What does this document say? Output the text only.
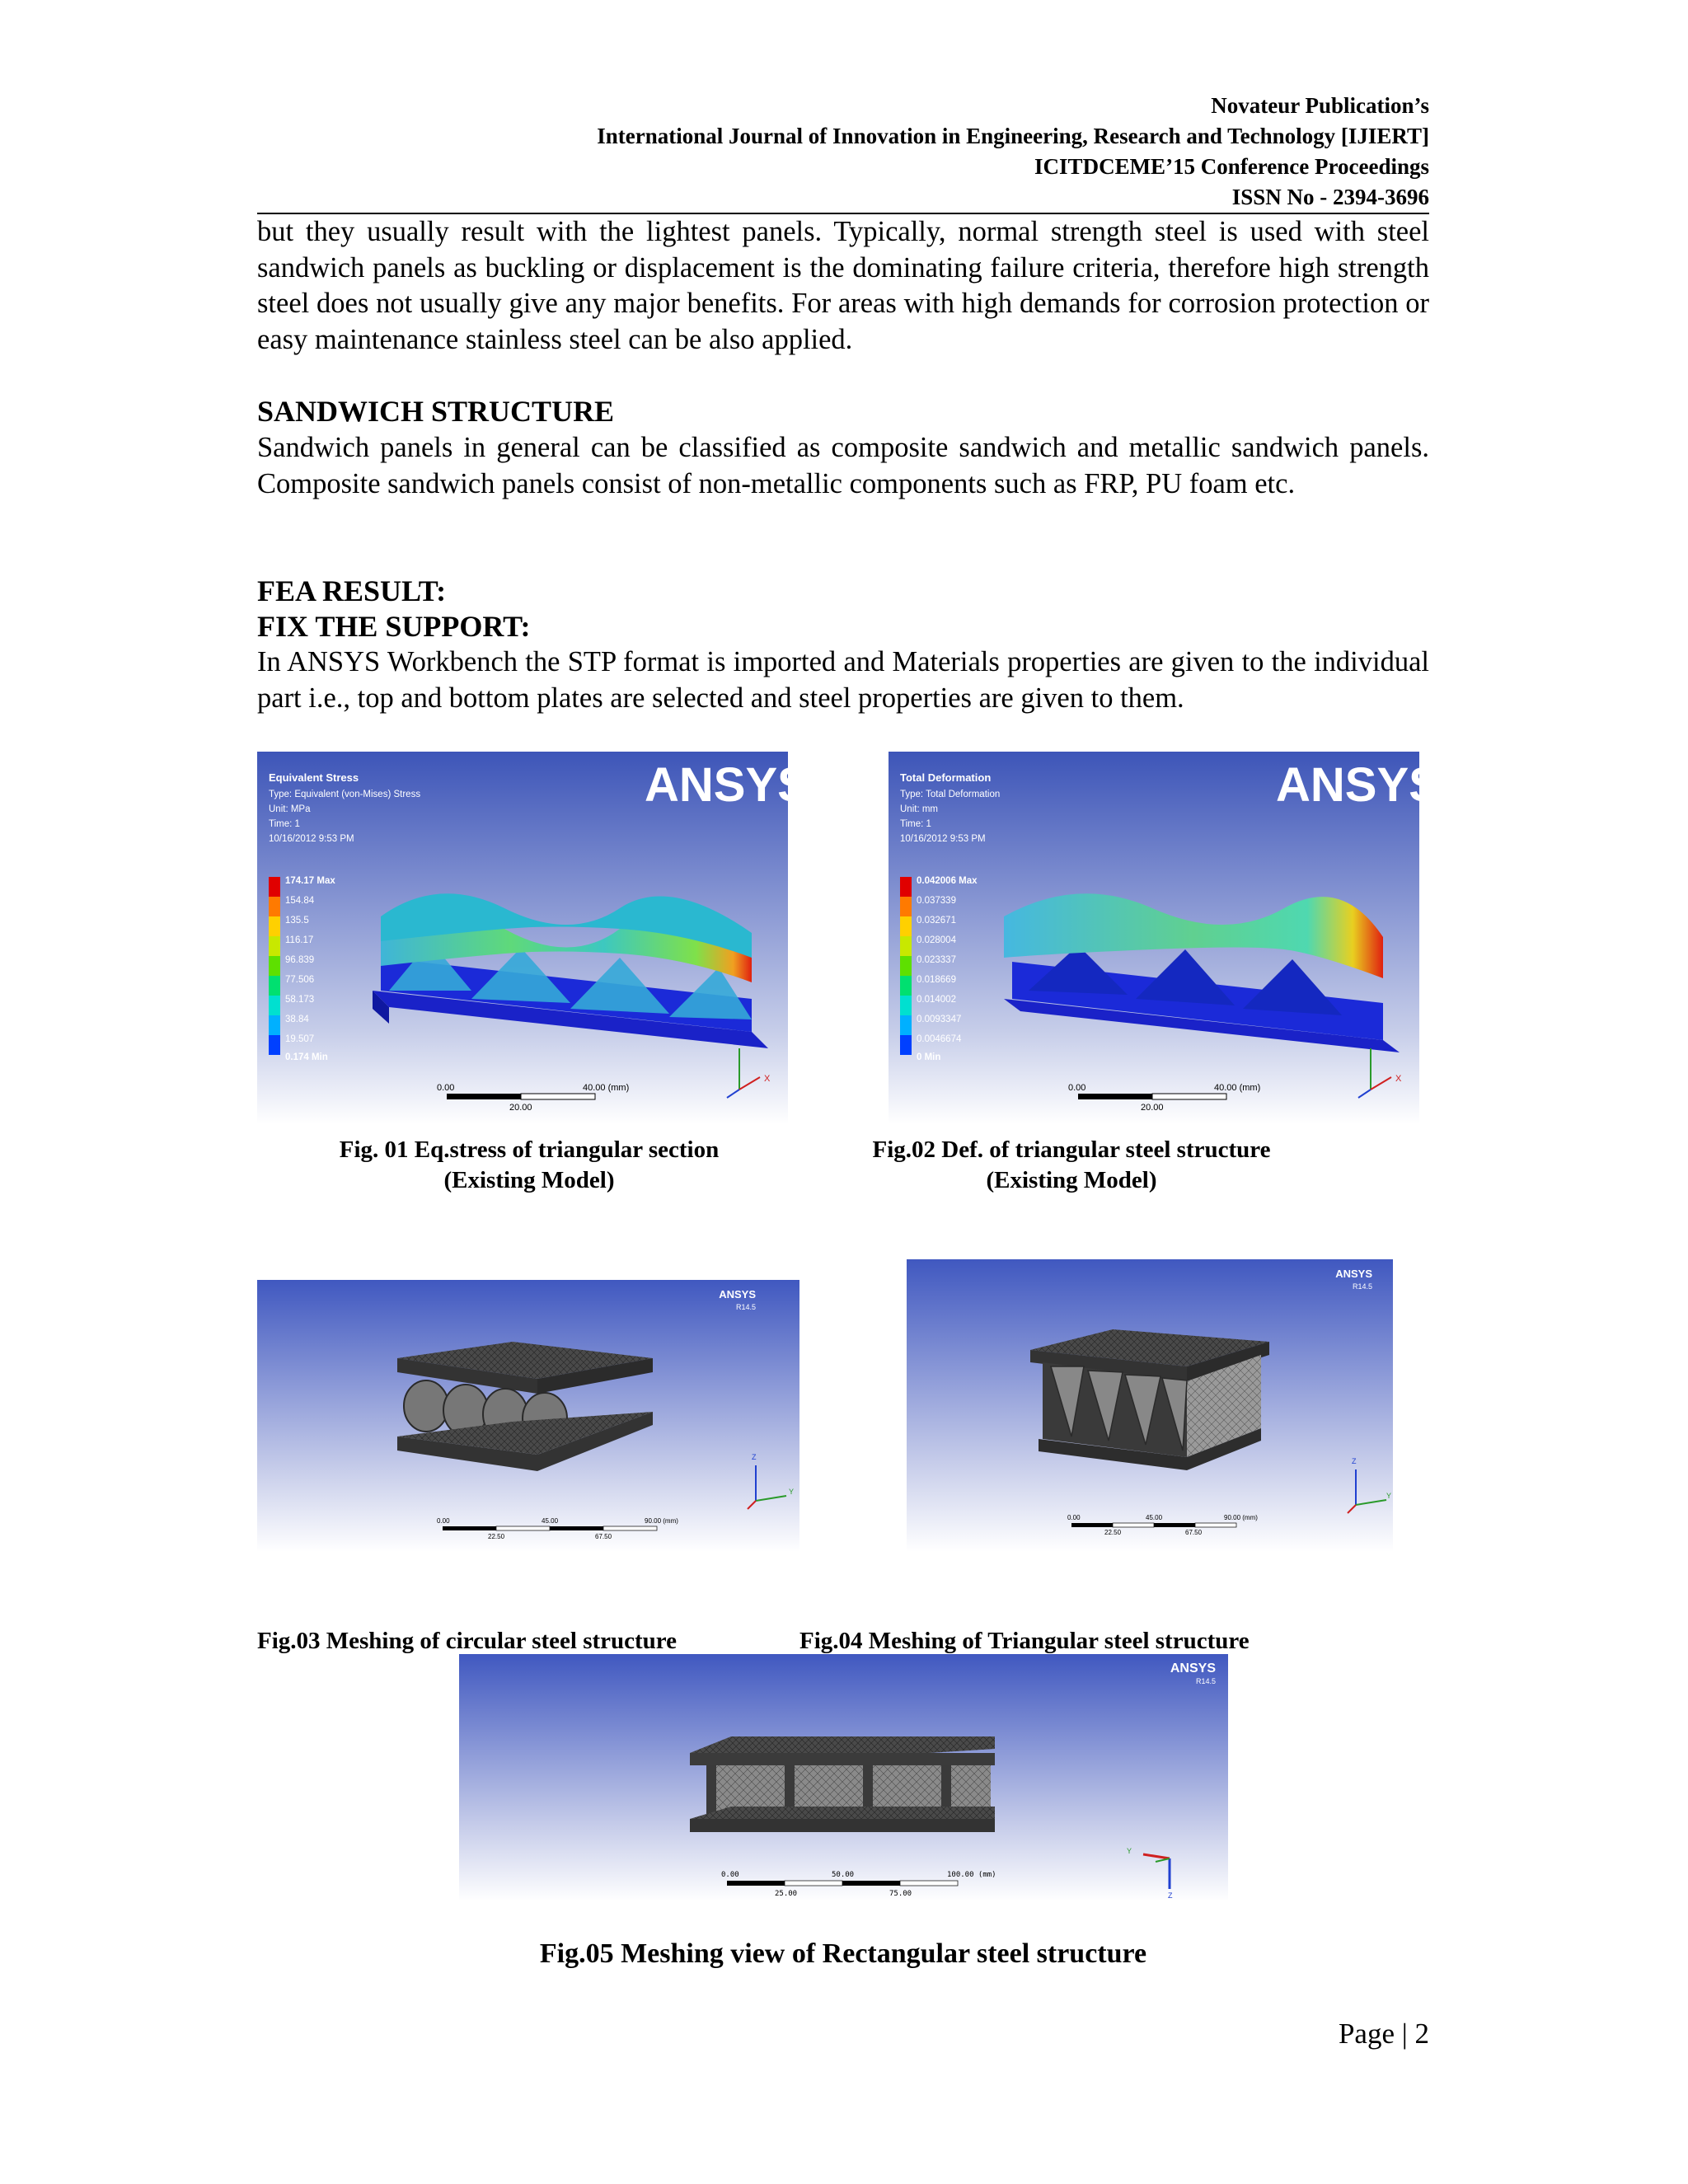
Novateur Publication’s
International Journal of Innovation in Engineering, Research and Technology [IJIERT]
ICITDCEME’15 Conference Proceedings
ISSN No - 2394-3696
but they usually result with the lightest panels. Typically, normal strength steel is used with steel sandwich panels as buckling or displacement is the dominating failure criteria, therefore high strength steel does not usually give any major benefits. For areas with high demands for corrosion protection or easy maintenance stainless steel can be also applied.
SANDWICH STRUCTURE
Sandwich panels in general can be classified as composite sandwich and metallic sandwich panels. Composite sandwich panels consist of non-metallic components such as FRP, PU foam etc.
FEA RESULT:
FIX THE SUPPORT:
In ANSYS Workbench the STP format is imported and Materials properties are given to the individual part i.e., top and bottom plates are selected and steel properties are given to them.
Equivalent Stress
Type: Equivalent (von-Mises) Stress
Unit: MPa
Time: 1
10/16/2012 9:53 PM
ANSYS
174.17 Max
154.84
135.5
116.17
96.839
77.506
58.173
38.84
19.507
0.174 Min
0.00	40.00 (mm)
20.00
X
Fig. 01 Eq.stress of triangular section
(Existing Model)
Total Deformation
Type: Total Deformation
Unit: mm
Time: 1
10/16/2012 9:53 PM
ANSYS
0.042006 Max
0.037339
0.032671
0.028004
0.023337
0.018669
0.014002
0.0093347
0.0046674
0 Min
0.00	40.00 (mm)
20.00
X
Fig.02 Def. of triangular steel structure
(Existing Model)
ANSYS
R14.5
0.00	45.00	90.00 (mm)
22.50	67.50
Z
Y
ANSYS
R14.5
0.00	45.00	90.00 (mm)
22.50	67.50
Z
Y
Fig.03 Meshing of circular steel structure	Fig.04 Meshing of Triangular steel structure
ANSYS
R14.5
0.00	50.00	100.00 (mm)
25.00	75.00
Y
Z
Fig.05 Meshing view of Rectangular steel structure
Page | 2
